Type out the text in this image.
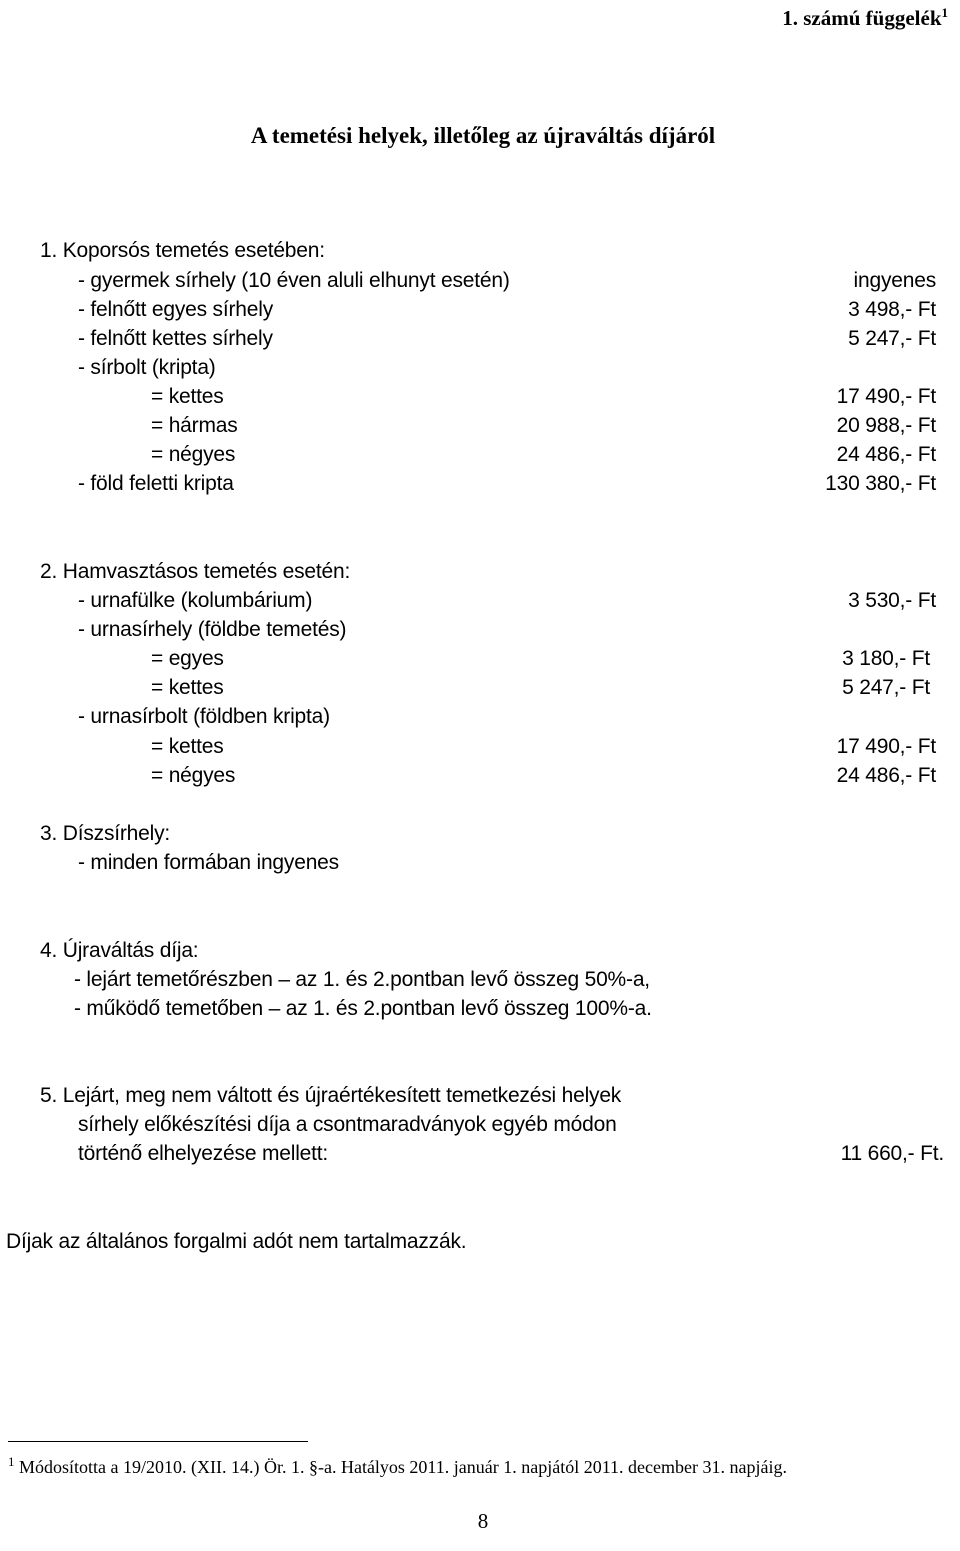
1. számú függelék$^1$
A temetési helyek, illetőleg az újraváltás díjáról
1. Koporsós temetés esetében:
- gyermek sírhely (10 éven aluli elhunyt esetén)	ingyenes
- felnőtt egyes sírhely	3 498,- Ft
- felnőtt kettes sírhely	5 247,- Ft
- sírbolt (kripta)
= kettes	17 490,- Ft
= hármas	20 988,- Ft
= négyes	24 486,- Ft
- föld feletti kripta	130 380,- Ft
2. Hamvasztásos temetés esetén:
- urnafülke (kolumbárium)	3 530,- Ft
- urnasírhely (földbe temetés)
= egyes	3 180,- Ft
= kettes	5 247,- Ft
- urnasírbolt (földben kripta)
= kettes	17 490,- Ft
= négyes	24 486,- Ft
3. Díszsírhely:
- minden formában ingyenes
4. Újraváltás díja:
- lejárt temetőrészben – az 1. és 2.pontban levő összeg 50%-a,
- működő temetőben – az 1. és 2.pontban levő összeg 100%-a.
5. Lejárt, meg nem váltott és újraértékesített temetkezési helyek
sírhely előkészítési díja a csontmaradványok egyéb módon
történő elhelyezése mellett:	11 660,- Ft.
Díjak az általános forgalmi adót nem tartalmazzák.
$^1$ Módosította a 19/2010. (XII. 14.) Ör. 1. §-a. Hatályos 2011. január 1. napjától 2011. december 31. napjáig.
8
